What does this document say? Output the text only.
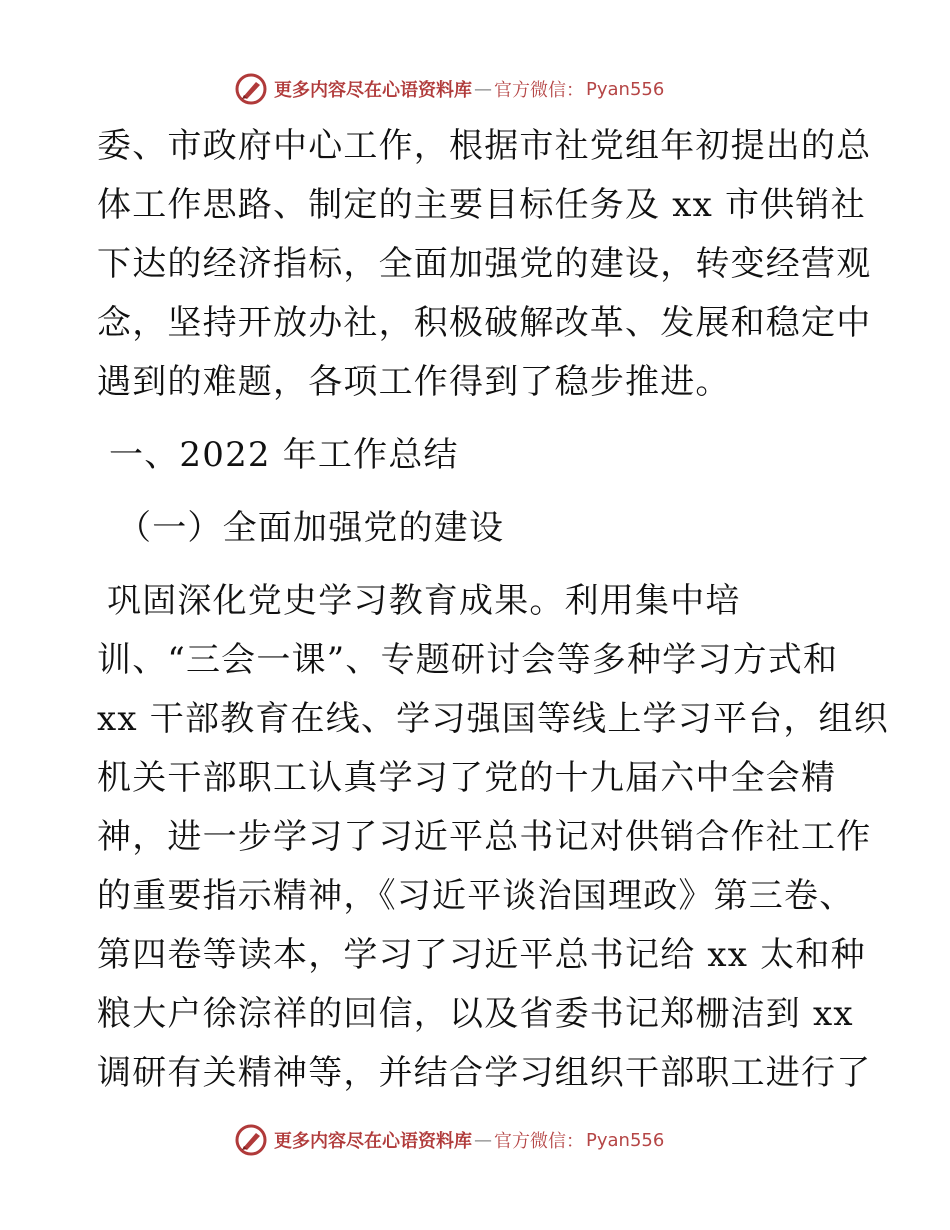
更多内容尽在心语资料库 — 官方微信： Pyan556
委、市政府中心工作，根据市社党组年初提出的总
体工作思路、制定的主要目标任务及 xx 市供销社
下达的经济指标，全面加强党的建设，转变经营观
念，坚持开放办社，积极破解改革、发展和稳定中
遇到的难题，各项工作得到了稳步推进。
一、2022 年工作总结
（一）全面加强党的建设
巩固深化党史学习教育成果。利用集中培
训、“三会一课”、专题研讨会等多种学习方式和
xx 干部教育在线、学习强国等线上学习平台，组织
机关干部职工认真学习了党的十九届六中全会精
神，进一步学习了习近平总书记对供销合作社工作
的重要指示精神，《习近平谈治国理政》第三卷、
第四卷等读本，学习了习近平总书记给 xx 太和种
粮大户徐淙祥的回信，以及省委书记郑栅洁到 xx
调研有关精神等，并结合学习组织干部职工进行了
更多内容尽在心语资料库 — 官方微信： Pyan556
